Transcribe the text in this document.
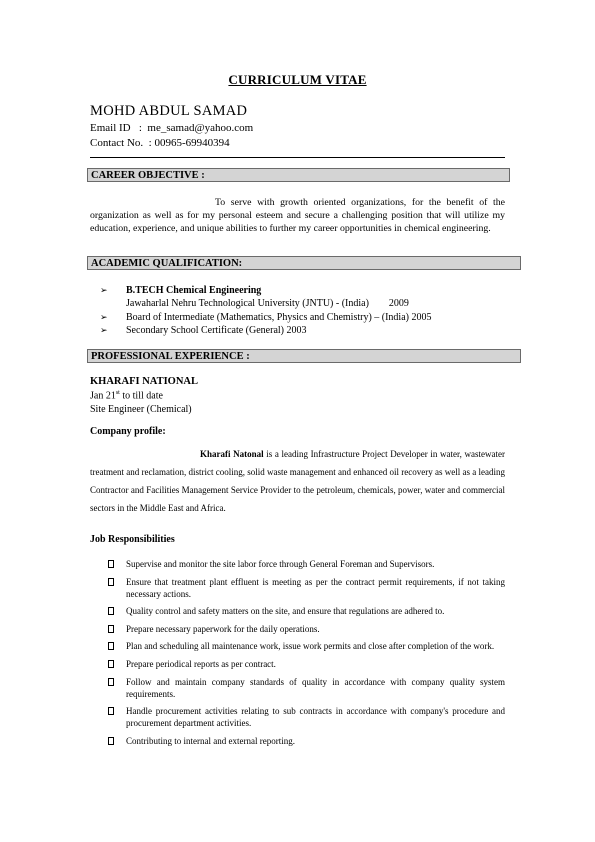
CURRICULUM VITAE
MOHD ABDUL SAMAD
Email ID   :  me_samad@yahoo.com
Contact No.  : 00965-69940394
CAREER OBJECTIVE :
To serve with growth oriented organizations, for the benefit of the organization as well as for my personal esteem and secure a challenging position that will utilize my education, experience, and unique abilities to further my career opportunities in chemical engineering.
ACADEMIC QUALIFICATION:
➢ B.TECH Chemical Engineering
Jawaharlal Nehru Technological University (JNTU) - (India)        2009
➢ Board of Intermediate (Mathematics, Physics and Chemistry) – (India) 2005
➢ Secondary School Certificate (General) 2003
PROFESSIONAL EXPERIENCE :
KHARAFI NATIONAL
Jan 21st to till date
Site Engineer (Chemical)
Company profile:
Kharafi Natonal is a leading Infrastructure Project Developer in water, wastewater treatment and reclamation, district cooling, solid waste management and enhanced oil recovery as well as a leading Contractor and Facilities Management Service Provider to the petroleum, chemicals, power, water and commercial sectors in the Middle East and Africa.
Job Responsibilities
Supervise and monitor the site labor force through General Foreman and Supervisors.
Ensure that treatment plant effluent is meeting as per the contract permit requirements, if not taking necessary actions.
Quality control and safety matters on the site, and ensure that regulations are adhered to.
Prepare necessary paperwork for the daily operations.
Plan and scheduling all maintenance work, issue work permits and close after completion of the work.
Prepare periodical reports as per contract.
Follow and maintain company standards of quality in accordance with company quality system requirements.
Handle procurement activities relating to sub contracts in accordance with company's procedure and procurement department activities.
Contributing to internal and external reporting.
